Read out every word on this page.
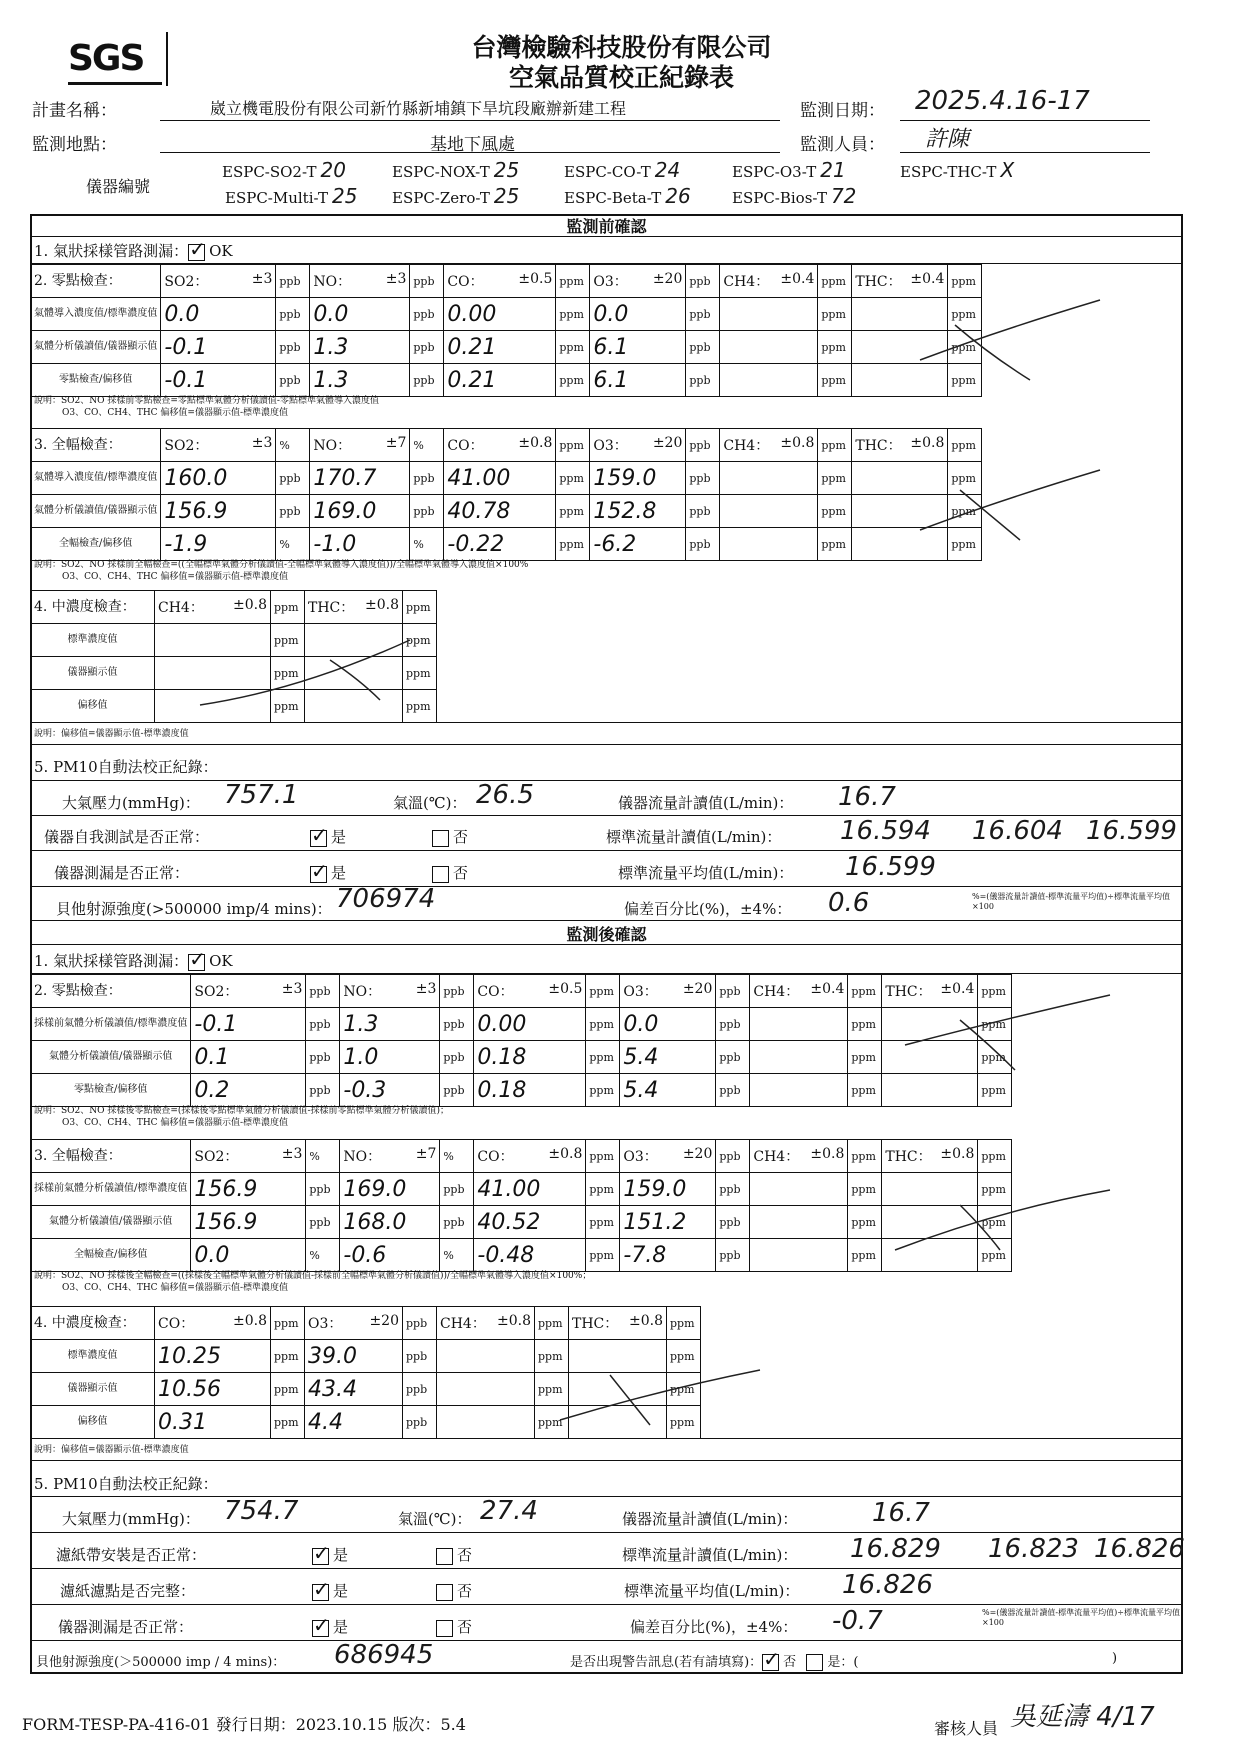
SGS	台灣檢驗科技股份有限公司
空氣品質校正紀錄表
計畫名稱：	崴立機電股份有限公司新竹縣新埔鎮下旱坑段廠辦新建工程	監測日期： 2025.4.16-17
監測地點：	基地下風處	監測人員： 許陳
儀器編號
ESPC-SO2-T 20	ESPC-NOX-T 25	ESPC-CO-T 24	ESPC-O3-T 21	ESPC-THC-T X
ESPC-Multi-T 25 ESPC-Zero-T 25	ESPC-Beta-T 26	ESPC-Bios-T 72
監測前確認
1. 氣狀採樣管路測漏： ✓ OK
2. 零點檢查：	SO2： ±3	ppb	NO： ±3	ppb	CO： ±0.5	ppm	O3： ±20	ppb	CH4： ±0.4	ppm	THC： ±0.4	ppm
氣體導入濃度值/標準濃度值	0.0	ppb	0.0	ppb	0.00	ppm	0.0	ppb		ppm		ppm
氣體分析儀讀值/儀器顯示值	-0.1	ppb	1.3	ppb	0.21	ppm	6.1	ppb		ppm		ppm
零點檢查/偏移值	-0.1	ppb	1.3	ppb	0.21	ppm	6.1	ppb		ppm		ppm
說明：SO2、NO 採樣前零點檢查=零點標準氣體分析儀讀值-零點標準氣體導入濃度值
O3、CO、CH4、THC 偏移值=儀器顯示值-標準濃度值
3. 全幅檢查：	SO2： ±3	%	NO： ±7	%	CO： ±0.8	ppm	O3： ±20	ppb	CH4： ±0.8	ppm	THC： ±0.8	ppm
氣體導入濃度值/標準濃度值	160.0	ppb	170.7	ppb	41.00	ppm	159.0	ppb		ppm		ppm
氣體分析儀讀值/儀器顯示值	156.9	ppb	169.0	ppb	40.78	ppm	152.8	ppb		ppm		ppm
全幅檢查/偏移值	-1.9	%	-1.0	%	-0.22	ppm	-6.2	ppb		ppm		ppm
說明：SO2、NO 採樣前全幅檢查=((全幅標準氣體分析儀讀值-全幅標準氣體導入濃度值))/全幅標準氣體導入濃度值×100%
O3、CO、CH4、THC 偏移值=儀器顯示值-標準濃度值
4. 中濃度檢查：	CH4： ±0.8	ppm	THC： ±0.8	ppm
標準濃度值		ppm		ppm
儀器顯示值		ppm		ppm
偏移值		ppm		ppm
說明：偏移值=儀器顯示值-標準濃度值
5. PM10自動法校正紀錄：
大氣壓力(mmHg)： 757.1	氣溫(℃)： 26.5	儀器流量計讀值(L/min)： 16.7
儀器自我測試是否正常： ✓	是	否	標準流量計讀值(L/min)： 16.594 16.604 16.599
儀器測漏是否正常： ✓	是	否	標準流量平均值(L/min)： 16.599
貝他射源強度(>500000 imp/4 mins)： 706974	偏差百分比(%)，±4%： 0.6	%=(儀器流量計讀值-標準流量平均值)÷標準流量平均值×100
監測後確認
1. 氣狀採樣管路測漏： ✓ OK
2. 零點檢查：	SO2： ±3	ppb	NO： ±3	ppb	CO： ±0.5	ppm	O3： ±20	ppb	CH4： ±0.4	ppm	THC： ±0.4	ppm
採樣前氣體分析儀讀值/標準濃度值	-0.1	ppb	1.3	ppb	0.00	ppm	0.0	ppb		ppm		ppm
氣體分析儀讀值/儀器顯示值	0.1	ppb	1.0	ppb	0.18	ppm	5.4	ppb		ppm		ppm
零點檢查/偏移值	0.2	ppb	-0.3	ppb	0.18	ppm	5.4	ppb		ppm		ppm
說明：SO2、NO 採樣後零點檢查=(採樣後零點標準氣體分析儀讀值-採樣前零點標準氣體分析儀讀值)；
O3、CO、CH4、THC 偏移值=儀器顯示值-標準濃度值
3. 全幅檢查：	SO2： ±3	%	NO： ±7	%	CO： ±0.8	ppm	O3： ±20	ppb	CH4： ±0.8	ppm	THC： ±0.8	ppm
採樣前氣體分析儀讀值/標準濃度值	156.9	ppb	169.0	ppb	41.00	ppm	159.0	ppb		ppm		ppm
氣體分析儀讀值/儀器顯示值	156.9	ppb	168.0	ppb	40.52	ppm	151.2	ppb		ppm		ppm
全幅檢查/偏移值	0.0	%	-0.6	%	-0.48	ppm	-7.8	ppb		ppm		ppm
說明：SO2、NO 採樣後全幅檢查=((採樣後全幅標準氣體分析儀讀值-採樣前全幅標準氣體分析儀讀值))/全幅標準氣體導入濃度值×100%；
O3、CO、CH4、THC 偏移值=儀器顯示值-標準濃度值
4. 中濃度檢查：	CO： ±0.8	ppm	O3： ±20	ppb	CH4： ±0.8	ppm	THC： ±0.8	ppm
標準濃度值	10.25	ppm	39.0	ppb		ppm		ppm
儀器顯示值	10.56	ppm	43.4	ppb		ppm		ppm
偏移值	0.31	ppm	4.4	ppb		ppm		ppm
說明：偏移值=儀器顯示值-標準濃度值
5. PM10自動法校正紀錄：
大氣壓力(mmHg)： 754.7	氣溫(℃)： 27.4	儀器流量計讀值(L/min)：	16.7
濾紙帶安裝是否正常： ✓	是	否	標準流量計讀值(L/min)： 16.829 16.823 16.826
濾紙濾點是否完整： ✓	是	否	標準流量平均值(L/min)： 16.826
儀器測漏是否正常： ✓	是	否	偏差百分比(%)，±4%： -0.7	%=(儀器流量計讀值-標準流量平均值)÷標準流量平均值×100
貝他射源強度(＞500000 imp / 4 mins)： 686945	是否出現警告訊息(若有請填寫)： ✓ 否 是：(	)
FORM-TESP-PA-416-01 發行日期：2023.10.15 版次：5.4	審核人員 吳延濤 4/17
